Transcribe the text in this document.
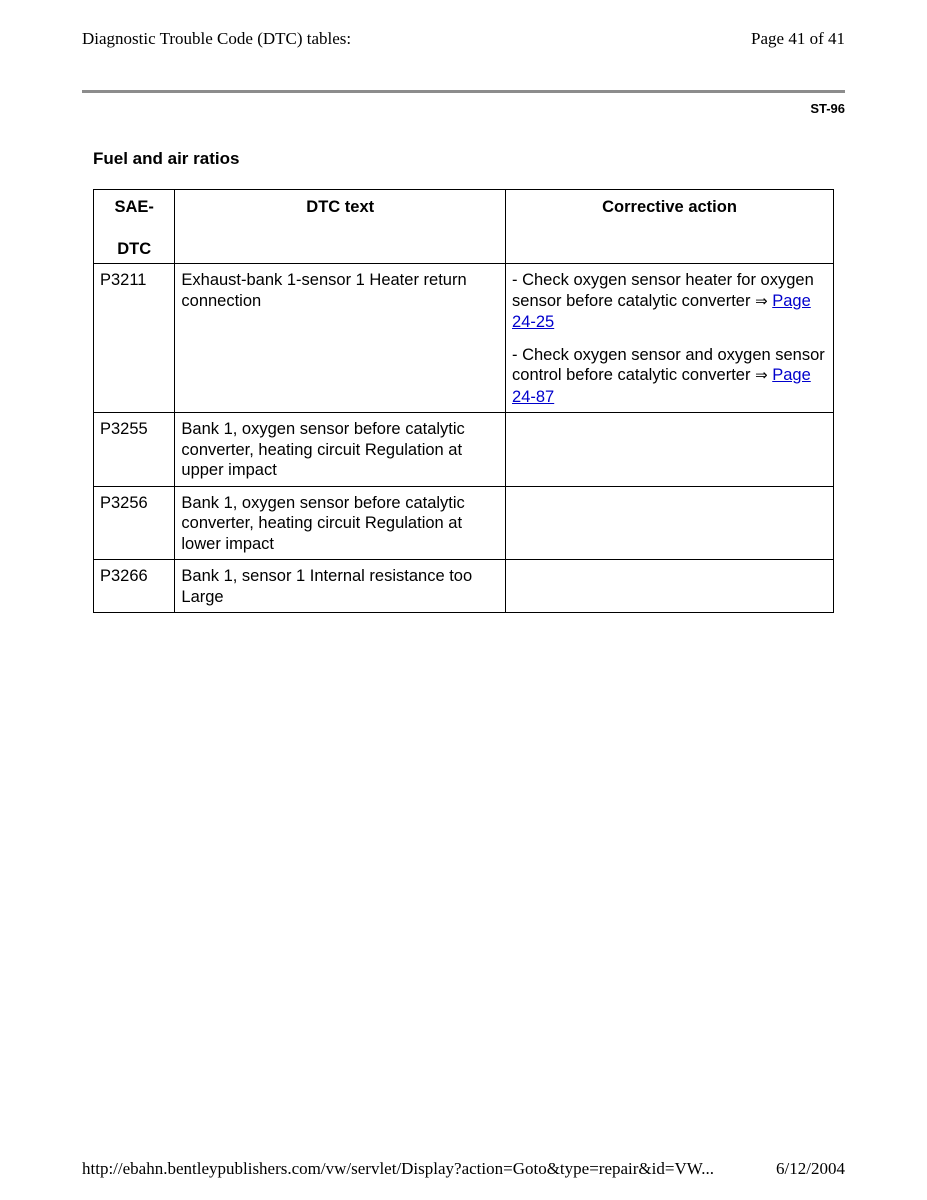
Diagnostic Trouble Code (DTC) tables:	Page 41 of 41
ST-96
Fuel and air ratios
SAE-
DTC	DTC text	Corrective action
P3211	Exhaust-bank 1-sensor 1 Heater return connection	- Check oxygen sensor heater for oxygen sensor before catalytic converter ⇒ Page 24-25

- Check oxygen sensor and oxygen sensor control before catalytic converter ⇒ Page 24-87

P3255	Bank 1, oxygen sensor before catalytic converter, heating circuit Regulation at upper impact	
P3256	Bank 1, oxygen sensor before catalytic converter, heating circuit Regulation at lower impact	
P3266	Bank 1, sensor 1 Internal resistance too Large	
http://ebahn.bentleypublishers.com/vw/servlet/Display?action=Goto&type=repair&id=VW...	6/12/2004
